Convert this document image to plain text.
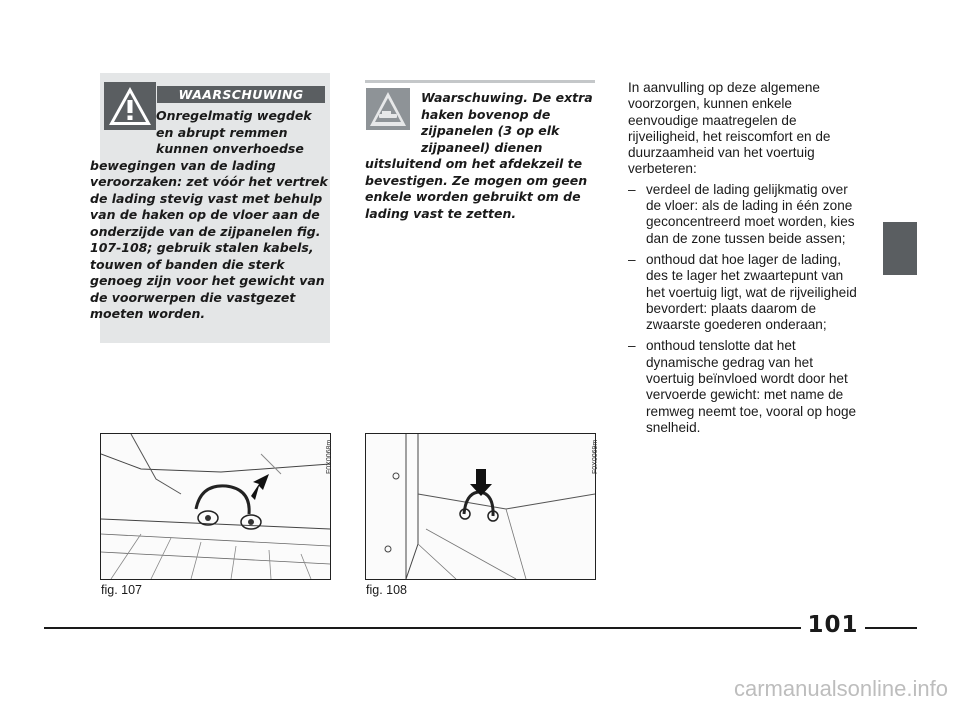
WAARSCHUWING
Onregelmatig wegdek en abrupt remmen kunnen onverhoedse bewegingen van de lading veroorzaken: zet vóór het vertrek de lading stevig vast met behulp van de haken op de vloer aan de onderzijde van de zijpanelen fig. 107-108; gebruik stalen kabels, touwen of banden die sterk genoeg zijn voor het gewicht van de voorwerpen die vastgezet moeten worden.
Waarschuwing. De extra haken bovenop de zijpanelen (3 op elk zijpaneel) dienen uitsluitend om het afdekzeil te bevestigen. Ze mogen om geen enkele worden gebruikt om de lading vast te zetten.

In aanvulling op deze algemene voorzorgen, kunnen enkele eenvoudige maatregelen de rijveiligheid, het reiscomfort en de duurzaamheid van het voertuig verbeteren:

– verdeel de lading gelijkmatig over de vloer: als de lading in één zone geconcentreerd moet worden, kies dan de zone tussen beide assen;
– onthoud dat hoe lager de lading, des te lager het zwaartepunt van het voertuig ligt, wat de rijveiligheid bevordert: plaats daarom de zwaarste goederen onderaan;
– onthoud tenslotte dat het dynamische gedrag van het voertuig beïnvloed wordt door het vervoerde gewicht: met name de remweg neemt toe, vooral op hoge snelheid.
F0X0068m
fig. 107
F0X0069m
fig. 108
101
carmanualsonline.info
